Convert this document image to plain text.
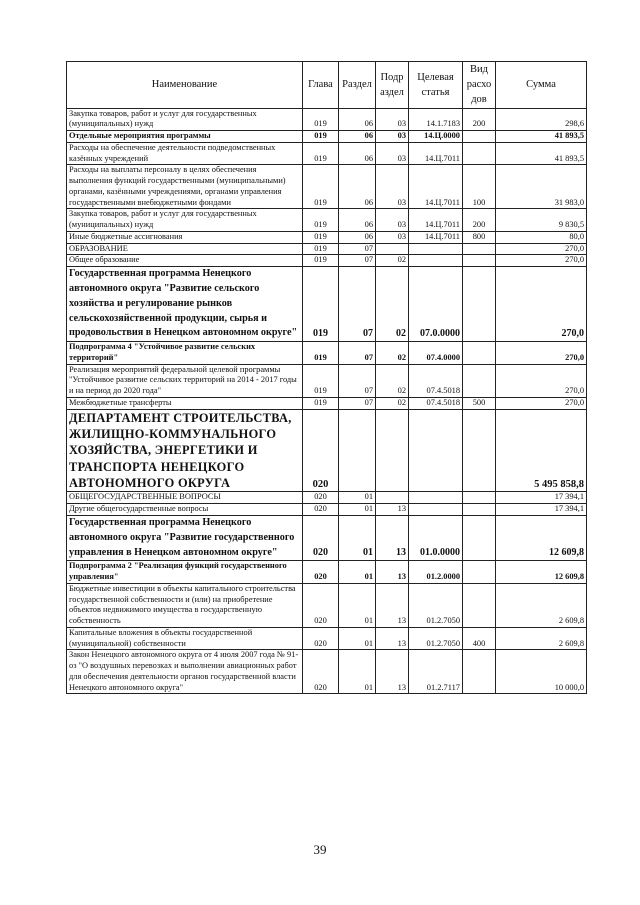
Наименование	Глава	Раздел	Подр аздел	Целевая статья	Вид расхо дов	Сумма
Закупка товаров, работ и услуг для государственных (муниципальных) нужд	019	06	03	14.1.7183	200	298,6
Отдельные мероприятия программы	019	06	03	14.Ц.0000		41 893,5
Расходы на обеспечение деятельности подведомственных казённых учреждений	019	06	03	14.Ц.7011		41 893,5
Расходы на выплаты персоналу в целях обеспечения выполнения функций государственными (муниципальными) органами, казёнными учреждениями, органами управления государственными внебюджетными фондами	019	06	03	14.Ц.7011	100	31 983,0
Закупка товаров, работ и услуг для государственных (муниципальных) нужд	019	06	03	14.Ц.7011	200	9 830,5
Иные бюджетные ассигнования	019	06	03	14.Ц.7011	800	80,0
ОБРАЗОВАНИЕ	019	07				270,0
Общее образование	019	07	02			270,0
Государственная программа Ненецкого автономного округа "Развитие сельского хозяйства и регулирование рынков сельскохозяйственной продукции, сырья и продовольствия в Ненецком автономном округе"	019	07	02	07.0.0000		270,0
Подпрограмма 4 "Устойчивое развитие сельских территорий"	019	07	02	07.4.0000		270,0
Реализация мероприятий федеральной целевой программы "Устойчивое развитие сельских территорий на 2014 - 2017 годы и на период до 2020 года"	019	07	02	07.4.5018		270,0
Межбюджетные трансферты	019	07	02	07.4.5018	500	270,0
ДЕПАРТАМЕНТ СТРОИТЕЛЬСТВА, ЖИЛИЩНО-КОММУНАЛЬНОГО ХОЗЯЙСТВА, ЭНЕРГЕТИКИ И ТРАНСПОРТА НЕНЕЦКОГО АВТОНОМНОГО ОКРУГА	020					5 495 858,8
ОБЩЕГОСУДАРСТВЕННЫЕ ВОПРОСЫ	020	01				17 394,1
Другие общегосударственные вопросы	020	01	13			17 394,1
Государственная программа Ненецкого автономного округа "Развитие государственного управления в Ненецком автономном округе"	020	01	13	01.0.0000		12 609,8
Подпрограмма 2 "Реализация функций государственного управления"	020	01	13	01.2.0000		12 609,8
Бюджетные инвестиции в объекты капитального строительства государственной собственности и (или) на приобретение объектов недвижимого имущества в государственную собственность	020	01	13	01.2.7050		2 609,8
Капитальные вложения в объекты государственной (муниципальной) собственности	020	01	13	01.2.7050	400	2 609,8
Закон Ненецкого автономного округа от 4 июля 2007 года № 91-оз "О воздушных перевозках и выполнении авиационных работ для обеспечения деятельности органов государственной власти Ненецкого автономного округа"	020	01	13	01.2.7117		10 000,0
39
